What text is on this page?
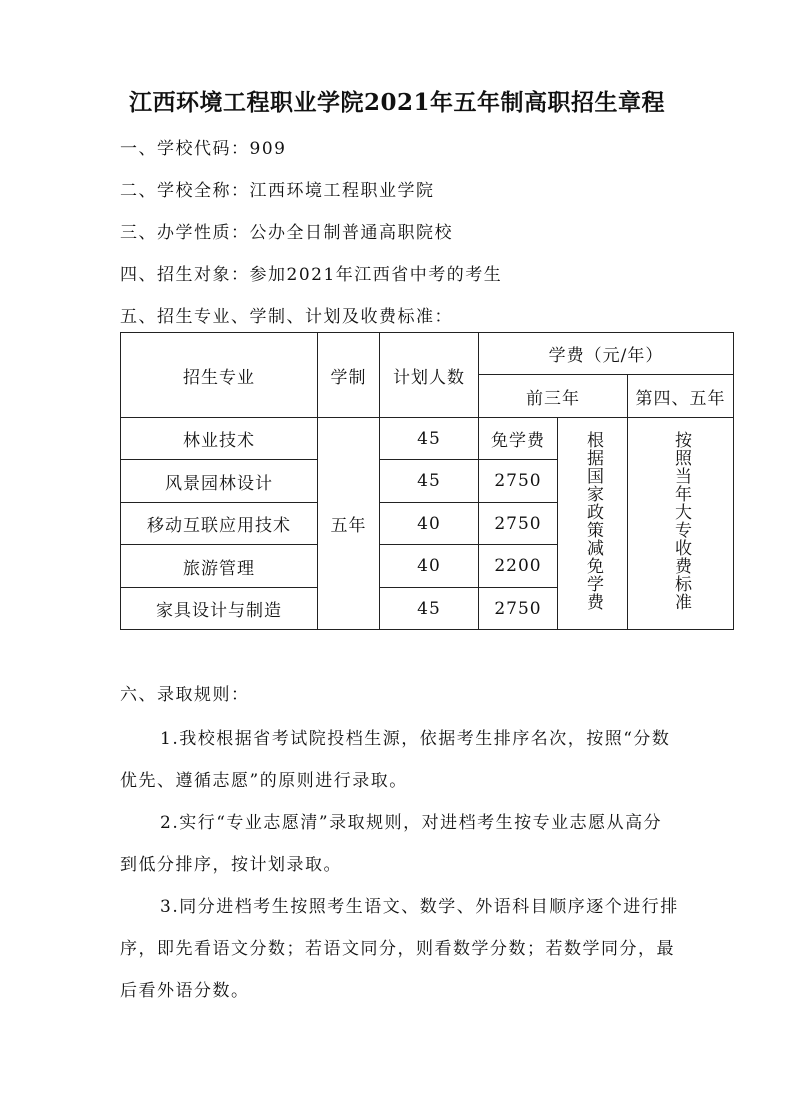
江西环境工程职业学院2021年五年制高职招生章程
一、学校代码：909
二、学校全称：江西环境工程职业学院
三、办学性质：公办全日制普通高职院校
四、招生对象：参加2021年江西省中考的考生
五、招生专业、学制、计划及收费标准：
招生专业	学制	计划人数	学费（元/年）		
			前三年		第四、五年
林业技术	五年	45	免学费	根据国家政策减免学费	按照当年大专收费标准
风景园林设计		45	2750		
移动互联应用技术		40	2750		
旅游管理		40	2200		
家具设计与制造		45	2750		
六、录取规则：
1.我校根据省考试院投档生源，依据考生排序名次，按照“分数优先、遵循志愿”的原则进行录取。
2.实行“专业志愿清”录取规则，对进档考生按专业志愿从高分到低分排序，按计划录取。
3.同分进档考生按照考生语文、数学、外语科目顺序逐个进行排序，即先看语文分数；若语文同分，则看数学分数；若数学同分，最后看外语分数。
